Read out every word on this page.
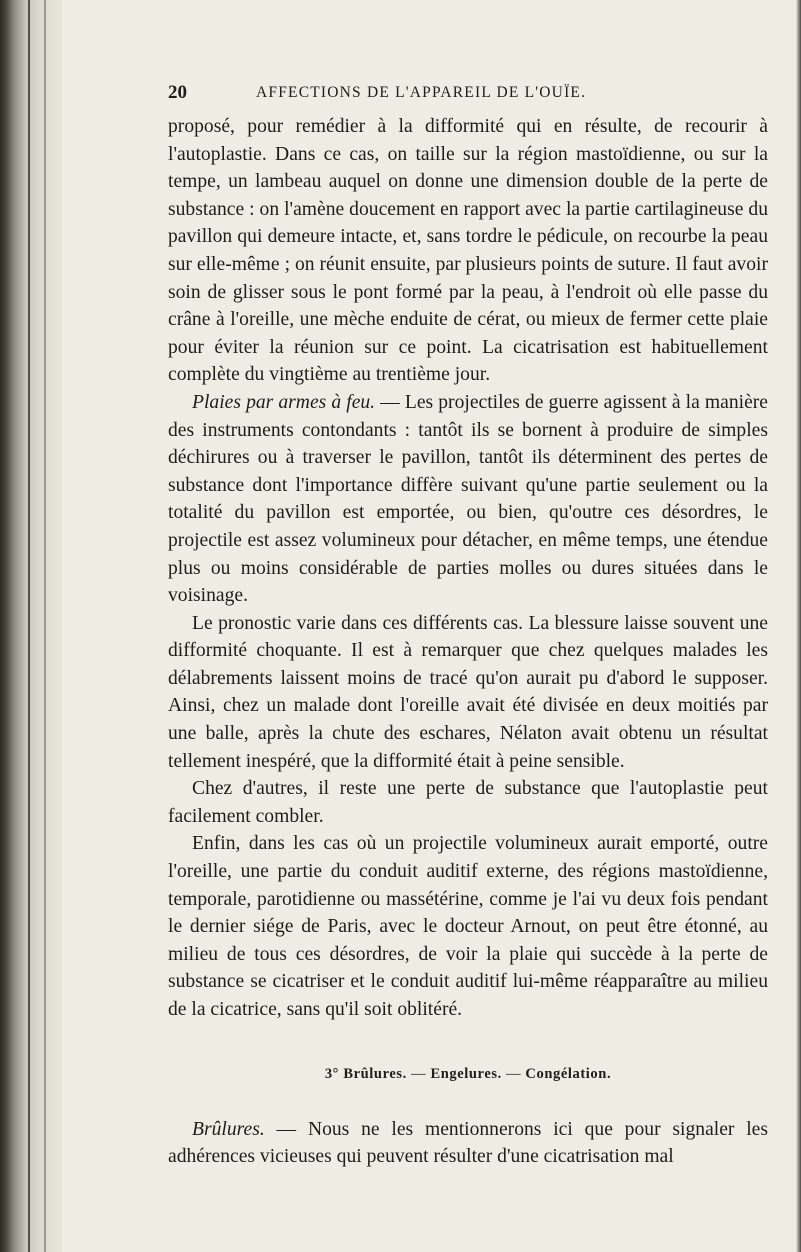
20	AFFECTIONS DE L'APPAREIL DE L'OUÏE.

proposé, pour remédier à la difformité qui en résulte, de recourir à l'autoplastie. Dans ce cas, on taille sur la région mastoïdienne, ou sur la tempe, un lambeau auquel on donne une dimension double de la perte de substance : on l'amène doucement en rapport avec la partie cartilagineuse du pavillon qui demeure intacte, et, sans tordre le pédicule, on recourbe la peau sur elle-même ; on réunit ensuite, par plusieurs points de suture. Il faut avoir soin de glisser sous le pont formé par la peau, à l'endroit où elle passe du crâne à l'oreille, une mèche enduite de cérat, ou mieux de fermer cette plaie pour éviter la réunion sur ce point. La cicatrisation est habituellement complète du vingtième au trentième jour.

Plaies par armes à feu. — Les projectiles de guerre agissent à la manière des instruments contondants : tantôt ils se bornent à produire de simples déchirures ou à traverser le pavillon, tantôt ils déterminent des pertes de substance dont l'importance diffère suivant qu'une partie seulement ou la totalité du pavillon est emportée, ou bien, qu'outre ces désordres, le projectile est assez volumineux pour détacher, en même temps, une étendue plus ou moins considérable de parties molles ou dures situées dans le voisinage.

Le pronostic varie dans ces différents cas. La blessure laisse souvent une difformité choquante. Il est à remarquer que chez quelques malades les délabrements laissent moins de tracé qu'on aurait pu d'abord le supposer. Ainsi, chez un malade dont l'oreille avait été divisée en deux moitiés par une balle, après la chute des eschares, Nélaton avait obtenu un résultat tellement inespéré, que la difformité était à peine sensible.

Chez d'autres, il reste une perte de substance que l'autoplastie peut facilement combler.

Enfin, dans les cas où un projectile volumineux aurait emporté, outre l'oreille, une partie du conduit auditif externe, des régions mastoïdienne, temporale, parotidienne ou massétérine, comme je l'ai vu deux fois pendant le dernier siége de Paris, avec le docteur Arnout, on peut être étonné, au milieu de tous ces désordres, de voir la plaie qui succède à la perte de substance se cicatriser et le conduit auditif lui-même réapparaître au milieu de la cicatrice, sans qu'il soit oblitéré.

3° Brûlures. — Engelures. — Congélation.

Brûlures. — Nous ne les mentionnerons ici que pour signaler les adhérences vicieuses qui peuvent résulter d'une cicatrisation mal
